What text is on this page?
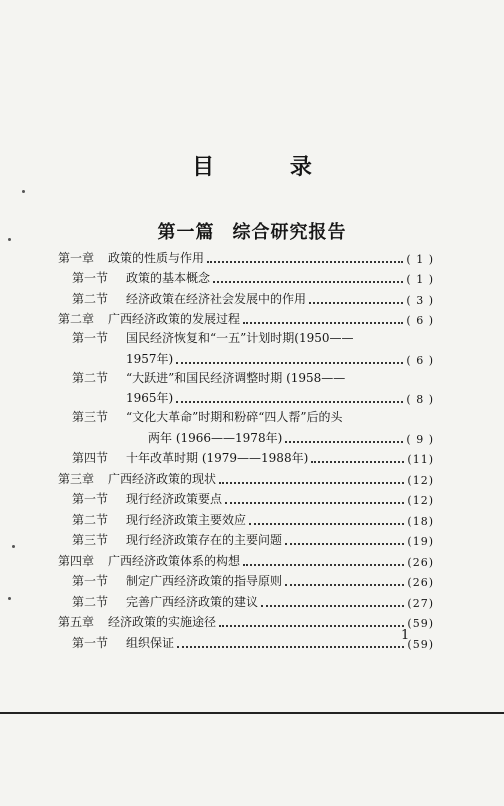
目 录
第一篇 综合研究报告
第一章	政策的性质与作用	( 1 )
第一节	政策的基本概念	( 1 )
第二节	经济政策在经济社会发展中的作用	( 3 )
第二章	广西经济政策的发展过程	( 6 )
第一节	国民经济恢复和“一五”计划时期(1950——
1957年)	( 6 )
第二节	“大跃进”和国民经济调整时期 (1958——
1965年)	( 8 )
第三节	“文化大革命”时期和粉碎“四人帮”后的头
两年 (1966——1978年)	( 9 )
第四节	十年改革时期 (1979——1988年)	(11)
第三章	广西经济政策的现状	(12)
第一节	现行经济政策要点	(12)
第二节	现行经济政策主要效应	(18)
第三节	现行经济政策存在的主要问题	(19)
第四章	广西经济政策体系的构想	(26)
第一节	制定广西经济政策的指导原则	(26)
第二节	完善广西经济政策的建议	(27)
第五章	经济政策的实施途径	(59)
第一节	组织保证	(59)
1
